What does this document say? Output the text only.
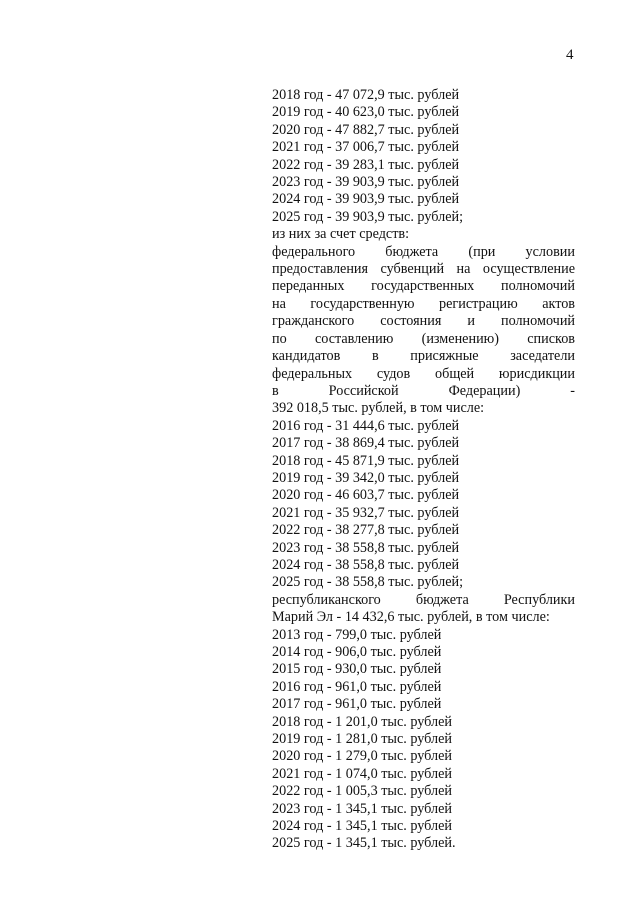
4
2018 год - 47 072,9 тыс. рублей
2019 год - 40 623,0 тыс. рублей
2020 год - 47 882,7 тыс. рублей
2021 год - 37 006,7 тыс. рублей
2022 год - 39 283,1 тыс. рублей
2023 год - 39 903,9 тыс. рублей
2024 год - 39 903,9 тыс. рублей
2025 год - 39 903,9 тыс. рублей;
из них за счет средств:
федерального бюджета (при условии
предоставления субвенций на осуществление
переданных государственных полномочий
на государственную регистрацию актов
гражданского состояния и полномочий
по составлению (изменению) списков
кандидатов в присяжные заседатели
федеральных судов общей юрисдикции
в Российской Федерации) -
392 018,5 тыс. рублей, в том числе:
2016 год - 31 444,6 тыс. рублей
2017 год - 38 869,4 тыс. рублей
2018 год - 45 871,9 тыс. рублей
2019 год - 39 342,0 тыс. рублей
2020 год - 46 603,7 тыс. рублей
2021 год - 35 932,7 тыс. рублей
2022 год - 38 277,8 тыс. рублей
2023 год - 38 558,8 тыс. рублей
2024 год - 38 558,8 тыс. рублей
2025 год - 38 558,8 тыс. рублей;
республиканского бюджета Республики
Марий Эл - 14 432,6 тыс. рублей, в том числе:
2013 год - 799,0 тыс. рублей
2014 год - 906,0 тыс. рублей
2015 год - 930,0 тыс. рублей
2016 год - 961,0 тыс. рублей
2017 год - 961,0 тыс. рублей
2018 год - 1 201,0 тыс. рублей
2019 год - 1 281,0 тыс. рублей
2020 год - 1 279,0 тыс. рублей
2021 год - 1 074,0 тыс. рублей
2022 год - 1 005,3 тыс. рублей
2023 год - 1 345,1 тыс. рублей
2024 год - 1 345,1 тыс. рублей
2025 год - 1 345,1 тыс. рублей.
